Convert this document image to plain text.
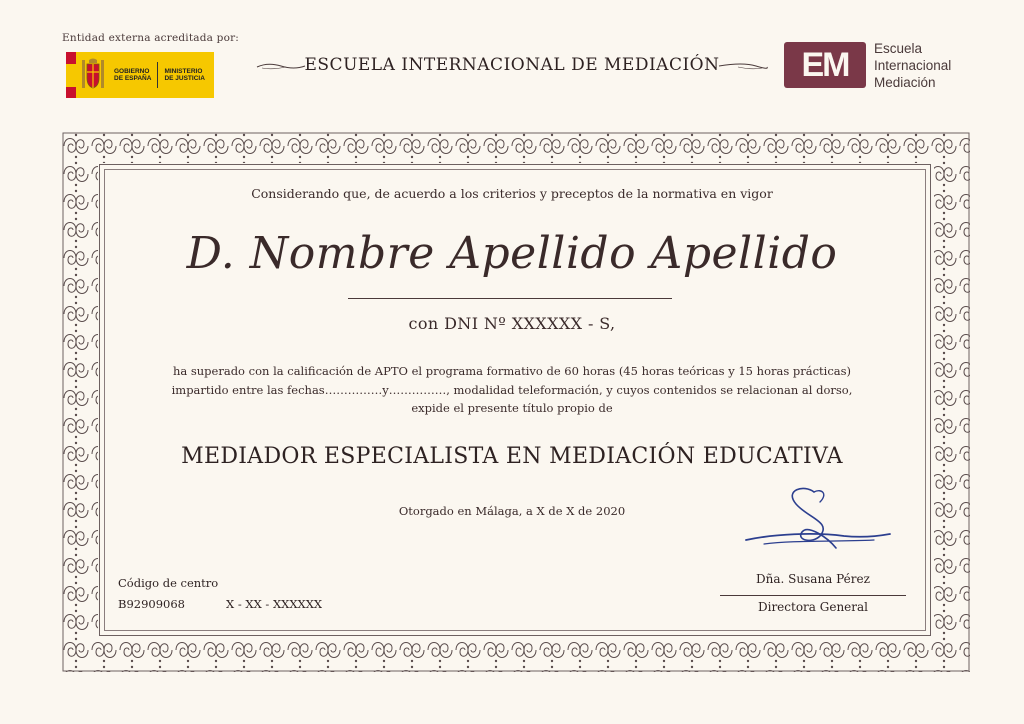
Entidad externa acreditada por:
GOBIERNO
DE ESPAÑA
MINISTERIO
DE JUSTICIA
ESCUELA INTERNACIONAL DE MEDIACIÓN	EM Escuela
Internacional
Mediación
Considerando que, de acuerdo a los criterios y preceptos de la normativa en vigor
D. Nombre Apellido Apellido
con DNI Nº XXXXXX - S,
ha superado con la calificación de APTO el programa formativo de 60 horas (45 horas teóricas y 15 horas prácticas)
impartido entre las fechas……………y……………, modalidad teleformación, y cuyos contenidos se relacionan al dorso,
expide el presente título propio de
MEDIADOR ESPECIALISTA EN MEDIACIÓN EDUCATIVA
Otorgado en Málaga, a X de X de 2020
Código de centro
B92909068	X - XX - XXXXXX
Dña. Susana Pérez
Directora General
